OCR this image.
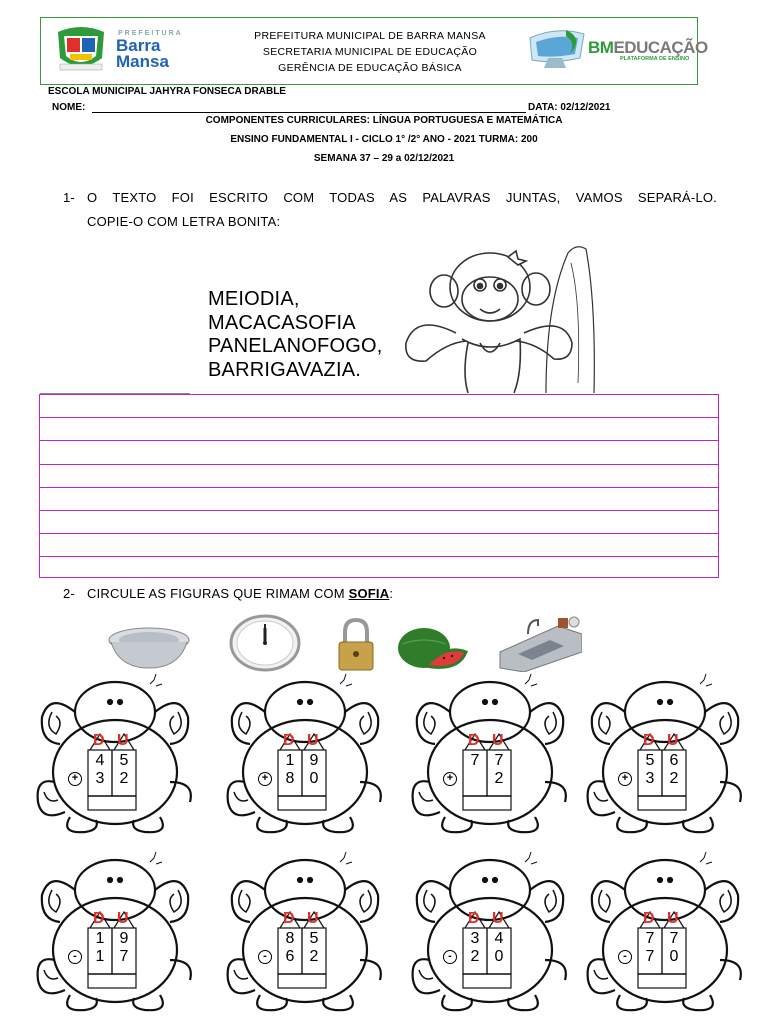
PREFEITURA
Barra
Mansa
PREFEITURA MUNICIPAL DE BARRA MANSA
SECRETARIA MUNICIPAL DE EDUCAÇÃO
GERÊNCIA DE EDUCAÇÃO BÁSICA
BMEDUCAÇÃO
PLATAFORMA DE ENSINO
ESCOLA MUNICIPAL JAHYRA FONSECA DRABLE
NOME:	DATA: 02/12/2021
COMPONENTES CURRICULARES: LÍNGUA PORTUGUESA E MATEMÁTICA
ENSINO FUNDAMENTAL I - CICLO 1° /2° ANO - 2021 TURMA: 200
SEMANA 37 – 29 a 02/12/2021
1- O TEXTO FOI ESCRITO COM TODAS AS PALAVRAS JUNTAS, VAMOS SEPARÁ-LO.
COPIE-O COM LETRA BONITA:
MEIODIA,
MACACASOFIA
PANELANOFOGO,
BARRIGAVAZIA.
2- CIRCULE AS FIGURAS QUE RIMAM COM SOFIA:
D U
4
3
5
2
+
D U
1
8
9
0
+
D U
7 7
2
+
D U
5
3
6
2
+
D U
1
1
9
7
-
D U
8
6
5
2
-
D U
3
2
4
0
-
D U
7
7
7
0
-
